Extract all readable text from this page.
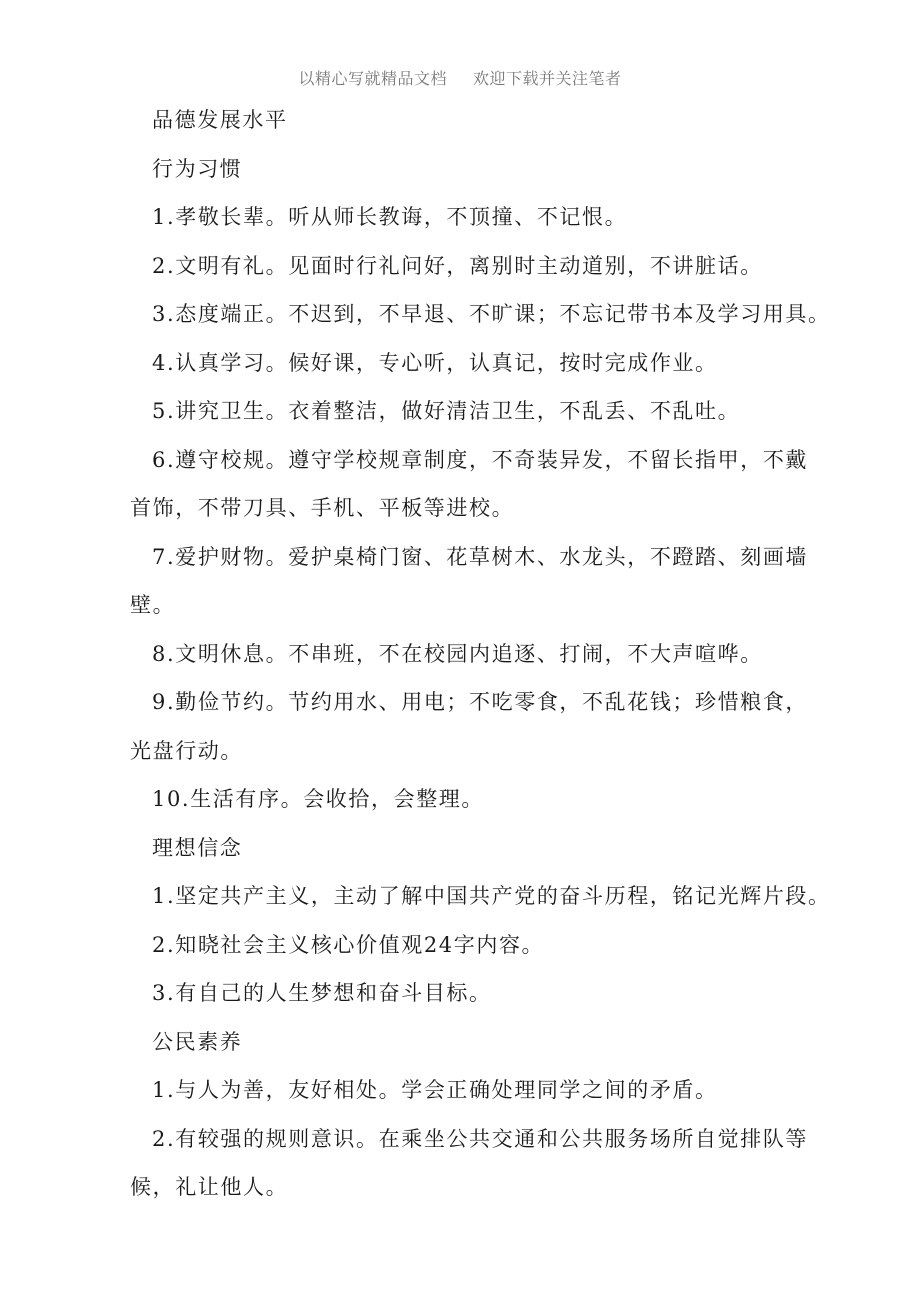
以精心写就精品文档 欢迎下载并关注笔者
品德发展水平
行为习惯
1.孝敬长辈。听从师长教诲，不顶撞、不记恨。
2.文明有礼。见面时行礼问好，离别时主动道别，不讲脏话。
3.态度端正。不迟到，不早退、不旷课；不忘记带书本及学习用具。
4.认真学习。候好课，专心听，认真记，按时完成作业。
5.讲究卫生。衣着整洁，做好清洁卫生，不乱丢、不乱吐。
6.遵守校规。遵守学校规章制度，不奇装异发，不留长指甲，不戴
首饰，不带刀具、手机、平板等进校。
7.爱护财物。爱护桌椅门窗、花草树木、水龙头，不蹬踏、刻画墙
壁。
8.文明休息。不串班，不在校园内追逐、打闹，不大声喧哗。
9.勤俭节约。节约用水、用电；不吃零食，不乱花钱；珍惜粮食，
光盘行动。
10.生活有序。会收拾，会整理。
理想信念
1.坚定共产主义，主动了解中国共产党的奋斗历程，铭记光辉片段。
2.知晓社会主义核心价值观24字内容。
3.有自己的人生梦想和奋斗目标。
公民素养
1.与人为善，友好相处。学会正确处理同学之间的矛盾。
2.有较强的规则意识。在乘坐公共交通和公共服务场所自觉排队等
候，礼让他人。
